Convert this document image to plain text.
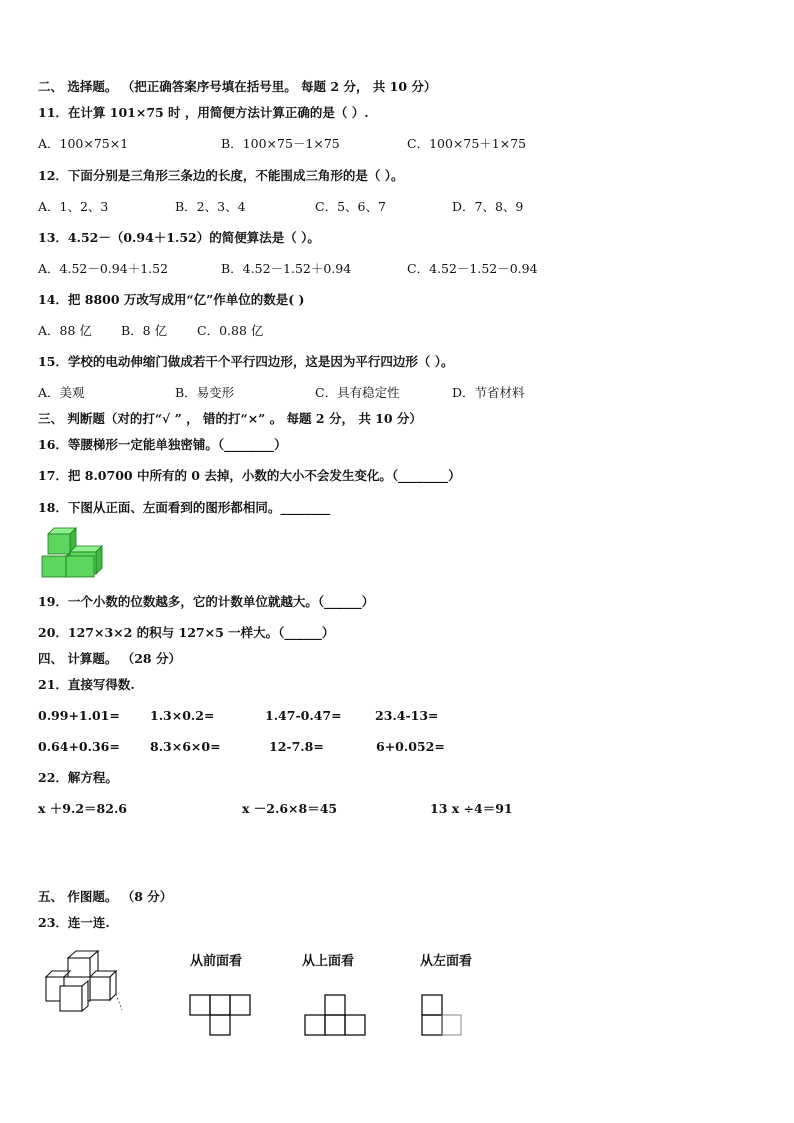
二、 选择题。 （把正确答案序号填在括号里。 每题 2 分， 共 10 分）
11．在计算 101×75 时 ，用简便方法计算正确的是（ ）.
A．100×75×1	B．100×75－1×75	C．100×75＋1×75
12．下面分别是三角形三条边的长度，不能围成三角形的是（ ）。
A．1、2、3	B．2、3、4	C．5、6、7	D．7、8、9
13．4.52－（0.94＋1.52）的简便算法是（ ）。
A．4.52－0.94＋1.52	B．4.52－1.52＋0.94	C．4.52－1.52－0.94
14．把 8800 万改写成用“亿”作单位的数是( )
A．88 亿 B．8 亿 C．0.88 亿
15．学校的电动伸缩门做成若干个平行四边形，这是因为平行四边形（ ）。
A．美观	B．易变形	C．具有稳定性	D．节省材料
三、 判断题（对的打“√ ” ， 错的打“×” 。 每题 2 分， 共 10 分）
16．等腰梯形一定能单独密铺。（________）
17．把 8.0700 中所有的 0 去掉，小数的大小不会发生变化。（________）
18．下图从正面、左面看到的图形都相同。________
19．一个小数的位数越多，它的计数单位就越大。（______）
20．127×3×2 的积与 127×5 一样大。（______）
四、 计算题。 （28 分）
21．直接写得数.
0.99+1.01= 1.3×0.2=	1.47-0.47=	23.4-13=
0.64+0.36= 8.3×6×0=	12-7.8=	6+0.052=
22．解方程。
x ＋9.2＝82.6	x －2.6×8＝45	13 x ÷4＝91
五、 作图题。 （8 分）
23．连一连.
从前面看	从上面看	从左面看
